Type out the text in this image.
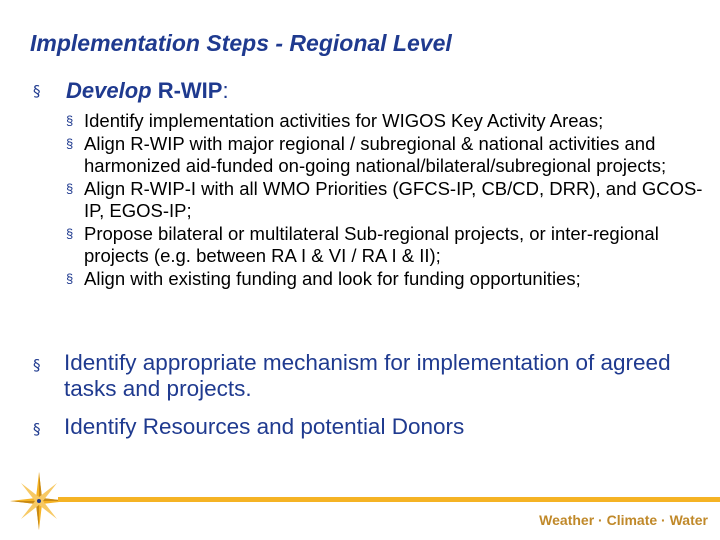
Implementation Steps - Regional Level
§ Develop R-WIP:
§ Identify implementation activities for WIGOS Key Activity Areas;
§ Align R-WIP with major regional / subregional & national activities and harmonized aid-funded on-going national/bilateral/subregional projects;
§ Align R-WIP-I with all WMO Priorities (GFCS-IP, CB/CD, DRR), and GCOS-IP, EGOS-IP;
§ Propose bilateral or multilateral Sub-regional projects, or inter-regional projects (e.g. between RA I & VI / RA I & II);
§ Align with existing funding and look for funding opportunities;
§ Identify appropriate mechanism for implementation of agreed tasks and projects.
§ Identify Resources and potential Donors
Weather · Climate · Water
